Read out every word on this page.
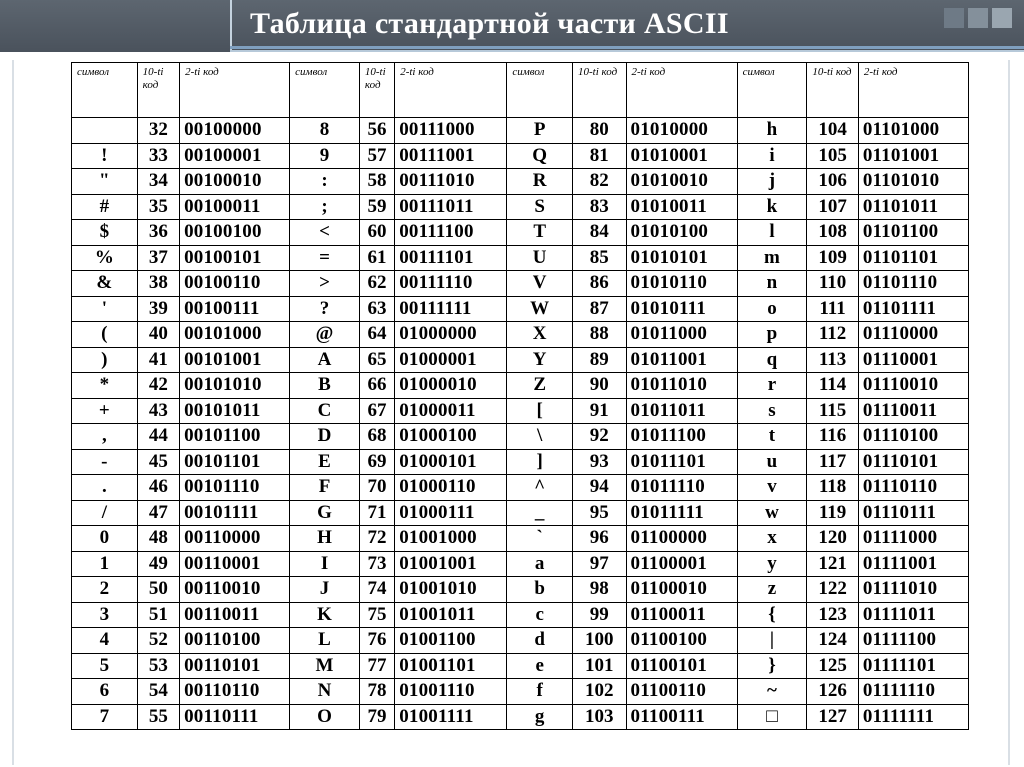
Таблица стандартной части ASCII
символ	10-ti код	2-ti код	символ	10-ti код	2-ti код	символ	10-ti код	2-ti код	символ	10-ti код	2-ti код
	32	00100000	8	56	00111000	P	80	01010000	h	104	01101000
!	33	00100001	9	57	00111001	Q	81	01010001	i	105	01101001
"	34	00100010	:	58	00111010	R	82	01010010	j	106	01101010
#	35	00100011	;	59	00111011	S	83	01010011	k	107	01101011
$	36	00100100	<	60	00111100	T	84	01010100	l	108	01101100
%	37	00100101	=	61	00111101	U	85	01010101	m	109	01101101
&	38	00100110	>	62	00111110	V	86	01010110	n	110	01101110
'	39	00100111	?	63	00111111	W	87	01010111	o	111	01101111
(	40	00101000	@	64	01000000	X	88	01011000	p	112	01110000
)	41	00101001	A	65	01000001	Y	89	01011001	q	113	01110001
*	42	00101010	B	66	01000010	Z	90	01011010	r	114	01110010
+	43	00101011	C	67	01000011	[	91	01011011	s	115	01110011
,	44	00101100	D	68	01000100	\	92	01011100	t	116	01110100
-	45	00101101	E	69	01000101	]	93	01011101	u	117	01110101
.	46	00101110	F	70	01000110	^	94	01011110	v	118	01110110
/	47	00101111	G	71	01000111	_	95	01011111	w	119	01110111
0	48	00110000	H	72	01001000	`	96	01100000	x	120	01111000
1	49	00110001	I	73	01001001	a	97	01100001	y	121	01111001
2	50	00110010	J	74	01001010	b	98	01100010	z	122	01111010
3	51	00110011	K	75	01001011	c	99	01100011	{	123	01111011
4	52	00110100	L	76	01001100	d	100	01100100	|	124	01111100
5	53	00110101	M	77	01001101	e	101	01100101	}	125	01111101
6	54	00110110	N	78	01001110	f	102	01100110	~	126	01111110
7	55	00110111	O	79	01001111	g	103	01100111	□	127	01111111
